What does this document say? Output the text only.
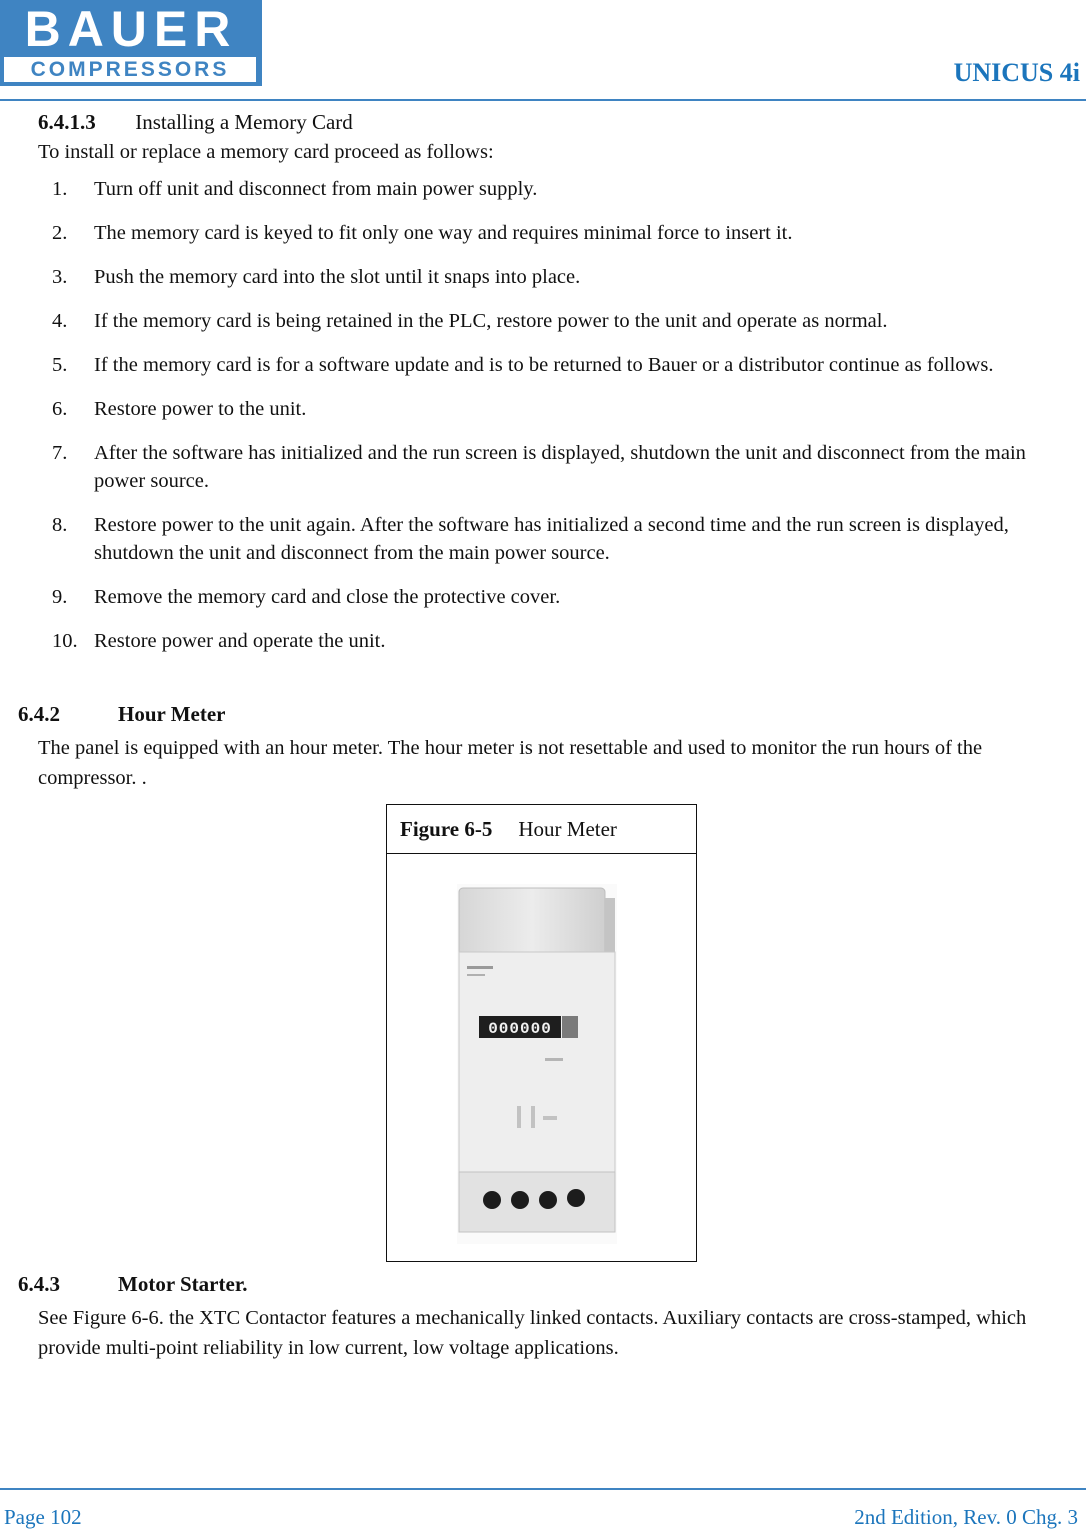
BAUER
COMPRESSORS	UNICUS 4i
6.4.1.3 Installing a Memory Card

To install or replace a memory card proceed as follows:

1. Turn off unit and disconnect from main power supply.
2. The memory card is keyed to fit only one way and requires minimal force to insert it.
3. Push the memory card into the slot until it snaps into place.
4. If the memory card is being retained in the PLC, restore power to the unit and operate as normal.
5. If the memory card is for a software update and is to be returned to Bauer or a distributor continue as follows.
6. Restore power to the unit.
7. After the software has initialized and the run screen is displayed, shutdown the unit and disconnect from the main power source.
8. Restore power to the unit again. After the software has initialized a second time and the run screen is displayed, shutdown the unit and disconnect from the main power source.
9. Remove the memory card and close the protective cover.
10. Restore power and operate the unit.
6.4.2	Hour Meter

The panel is equipped with an hour meter. The hour meter is not resettable and used to monitor the run hours of the compressor. .

Figure 6-5 Hour Meter
000000
6.4.3	Motor Starter.

See Figure 6-6. the XTC Contactor features a mechanically linked contacts. Auxiliary contacts are cross-stamped, which provide multi-point reliability in low current, low voltage applications.

Page 102	2nd Edition, Rev. 0 Chg. 3
